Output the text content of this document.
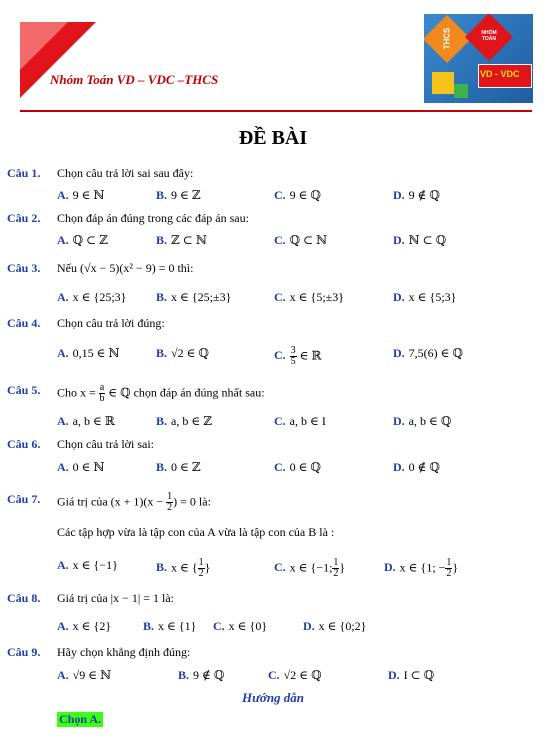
Nhóm Toán VD – VDC –THCS
THCS	NHÓM TOÁN
VD - VDC
ĐỀ BÀI
Câu 1. Chọn câu trả lời sai sau đây:
A. 9 ∈ ℕ	B. 9 ∈ ℤ	C. 9 ∈ ℚ	D. 9 ∉ ℚ
Câu 2. Chọn đáp án đúng trong các đáp án sau:
A. ℚ ⊂ ℤ	B. ℤ ⊂ ℕ	C. ℚ ⊂ ℕ	D. ℕ ⊂ ℚ
Câu 3. Nếu (√x − 5)(x² − 9) = 0 thì:
A. x ∈ {25;3} B. x ∈ {25;±3}	C. x ∈ {5;±3}	D. x ∈ {5;3}
Câu 4. Chọn câu trả lời đúng:
A. 0,15 ∈ ℕ	B. √2 ∈ ℚ	C. $\frac{3}{5}$ ∈ ℝ	D. 7,5(6) ∈ ℚ
Câu 5. Cho $x = \frac{a}{b}$ ∈ ℚ chọn đáp án đúng nhất sau:
A. a, b ∈ ℝ	B. a, b ∈ ℤ	C. a, b ∈ I	D. a, b ∈ ℚ
Câu 6. Chọn câu trả lời sai:
A. 0 ∈ ℕ	B. 0 ∈ ℤ	C. 0 ∈ ℚ	D. 0 ∉ ℚ
Câu 7. Giá trị của $(x + 1)(x - \frac{1}{2}$ ) = 0 là:
Các tập hợp vừa là tập con của A vừa là tập con của B là :
A. x ∈ {−1}	B. x ∈ { $\frac{1}{2}$ }	C. x ∈ {−1; $\frac{1}{2}$ }	D. x ∈ {1; − $\frac{1}{2}$ }
Câu 8. Giá trị của |x − 1| = 1 là:
A. x ∈ {2}	B. x ∈ {1} C. x ∈ {0}	D. x ∈ {0;2}
Câu 9. Hãy chọn khẳng định đúng:
A. √9 ∈ ℕ	B. 9 ∉ ℚ	C. √2 ∈ ℚ	D. I ⊂ ℚ
Hướng dẫn
Chọn A.
